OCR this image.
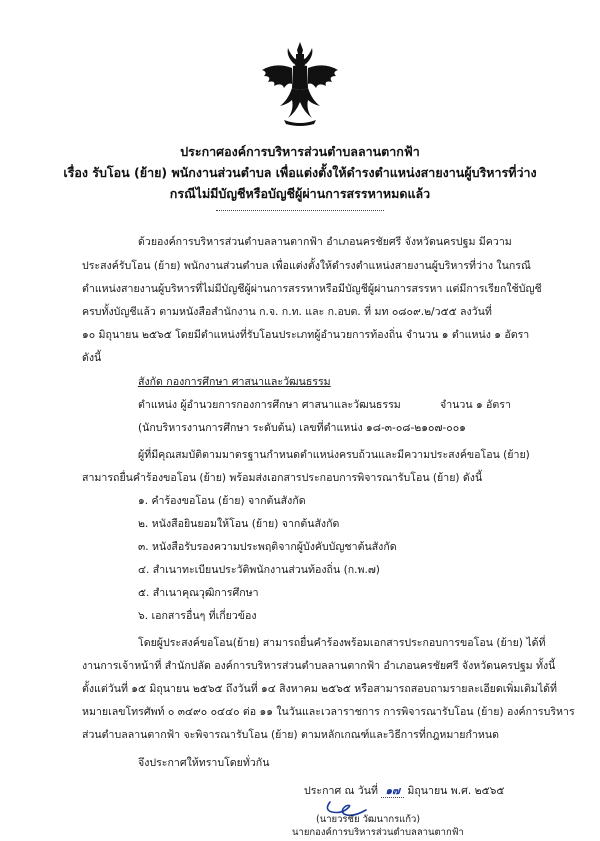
ประกาศองค์การบริหารส่วนตำบลลานตากฟ้า
เรื่อง รับโอน (ย้าย) พนักงานส่วนตำบล เพื่อแต่งตั้งให้ดำรงตำแหน่งสายงานผู้บริหารที่ว่าง
กรณีไม่มีบัญชีหรือบัญชีผู้ผ่านการสรรหาหมดแล้ว
ด้วยองค์การบริหารส่วนตำบลลานตากฟ้า อำเภอนครชัยศรี จังหวัดนครปฐม มีความ
ประสงค์รับโอน (ย้าย) พนักงานส่วนตำบล เพื่อแต่งตั้งให้ดำรงตำแหน่งสายงานผู้บริหารที่ว่าง ในกรณี
ตำแหน่งสายงานผู้บริหารที่ไม่มีบัญชีผู้ผ่านการสรรหาหรือมีบัญชีผู้ผ่านการสรรหา แต่มีการเรียกใช้บัญชี
ครบทั้งบัญชีแล้ว ตามหนังสือสำนักงาน ก.จ. ก.ท. และ ก.อบต. ที่ มท ๐๘๐๙.๒/ว๕๕ ลงวันที่
๑๐ มิถุนายน ๒๕๖๕ โดยมีตำแหน่งที่รับโอนประเภทผู้อำนวยการท้องถิ่น จำนวน ๑ ตำแหน่ง ๑ อัตรา
ดังนี้
สังกัด กองการศึกษา ศาสนาและวัฒนธรรม
ตำแหน่ง ผู้อำนวยการกองการศึกษา ศาสนาและวัฒนธรรม	จำนวน ๑ อัตรา
(นักบริหารงานการศึกษา ระดับต้น) เลขที่ตำแหน่ง ๑๘-๓-๐๘-๒๑๐๗-๐๐๑
ผู้ที่มีคุณสมบัติตามมาตรฐานกำหนดตำแหน่งครบถ้วนและมีความประสงค์ขอโอน (ย้าย)
สามารถยื่นคำร้องขอโอน (ย้าย) พร้อมส่งเอกสารประกอบการพิจารณารับโอน (ย้าย) ดังนี้
๑. คำร้องขอโอน (ย้าย) จากต้นสังกัด
๒. หนังสือยินยอมให้โอน (ย้าย) จากต้นสังกัด
๓. หนังสือรับรองความประพฤติจากผู้บังคับบัญชาต้นสังกัด
๔. สำเนาทะเบียนประวัติพนักงานส่วนท้องถิ่น (ก.พ.๗)
๕. สำเนาคุณวุฒิการศึกษา
๖. เอกสารอื่นๆ ที่เกี่ยวข้อง
โดยผู้ประสงค์ขอโอน(ย้าย) สามารถยื่นคำร้องพร้อมเอกสารประกอบการขอโอน (ย้าย) ได้ที่
งานการเจ้าหน้าที่ สำนักปลัด องค์การบริหารส่วนตำบลลานตากฟ้า อำเภอนครชัยศรี จังหวัดนครปฐม ทั้งนี้
ตั้งแต่วันที่ ๑๕ มิถุนายน ๒๕๖๕ ถึงวันที่ ๑๔ สิงหาคม ๒๕๖๕ หรือสามารถสอบถามรายละเอียดเพิ่มเติมได้ที่
หมายเลขโทรศัพท์ ๐ ๓๔๙๐ ๐๔๔๐ ต่อ ๑๑ ในวันและเวลาราชการ การพิจารณารับโอน (ย้าย) องค์การบริหาร
ส่วนตำบลลานตากฟ้า จะพิจารณารับโอน (ย้าย) ตามหลักเกณฑ์และวิธีการที่กฎหมายกำหนด
จึงประกาศให้ทราบโดยทั่วกัน
ประกาศ ณ วันที่ ๑๗ มิถุนายน พ.ศ. ๒๕๖๕
(นายวรชัย วัฒนากรแก้ว)
นายกองค์การบริหารส่วนตำบลลานตากฟ้า
